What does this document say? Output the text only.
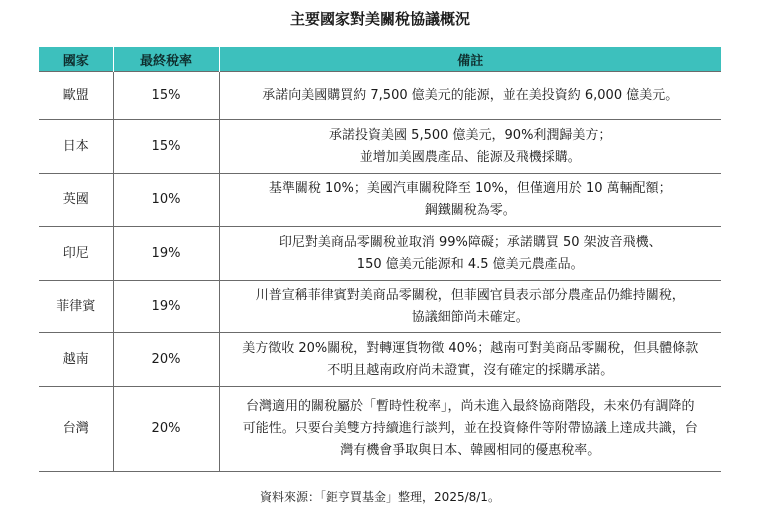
主要國家對美關稅協議概況
國家	最終稅率	備註
歐盟	15%	承諾向美國購買約 7,500 億美元的能源，並在美投資約 6,000 億美元。

日本	15%	承諾投資美國 5,500 億美元，90%利潤歸美方；
並增加美國農產品、能源及飛機採購。

英國	10%	基準關稅 10%；美國汽車關稅降至 10%，但僅適用於 10 萬輛配額；
鋼鐵關稅為零。

印尼	19%	印尼對美商品零關稅並取消 99%障礙；承諾購買 50 架波音飛機、
150 億美元能源和 4.5 億美元農產品。

菲律賓	19%	川普宣稱菲律賓對美商品零關稅，但菲國官員表示部分農產品仍維持關稅，
協議細節尚未確定。

越南	20%	美方徵收 20%關稅，對轉運貨物徵 40%；越南可對美商品零關稅，但具體條款
不明且越南政府尚未證實，沒有確定的採購承諾。

台灣	20%	台灣適用的關稅屬於「暫時性稅率」，尚未進入最終協商階段，未來仍有調降的
可能性。只要台美雙方持續進行談判，並在投資條件等附帶協議上達成共識，台
灣有機會爭取與日本、韓國相同的優惠稅率。
資料來源：「鉅亨買基金」整理，2025/8/1。
